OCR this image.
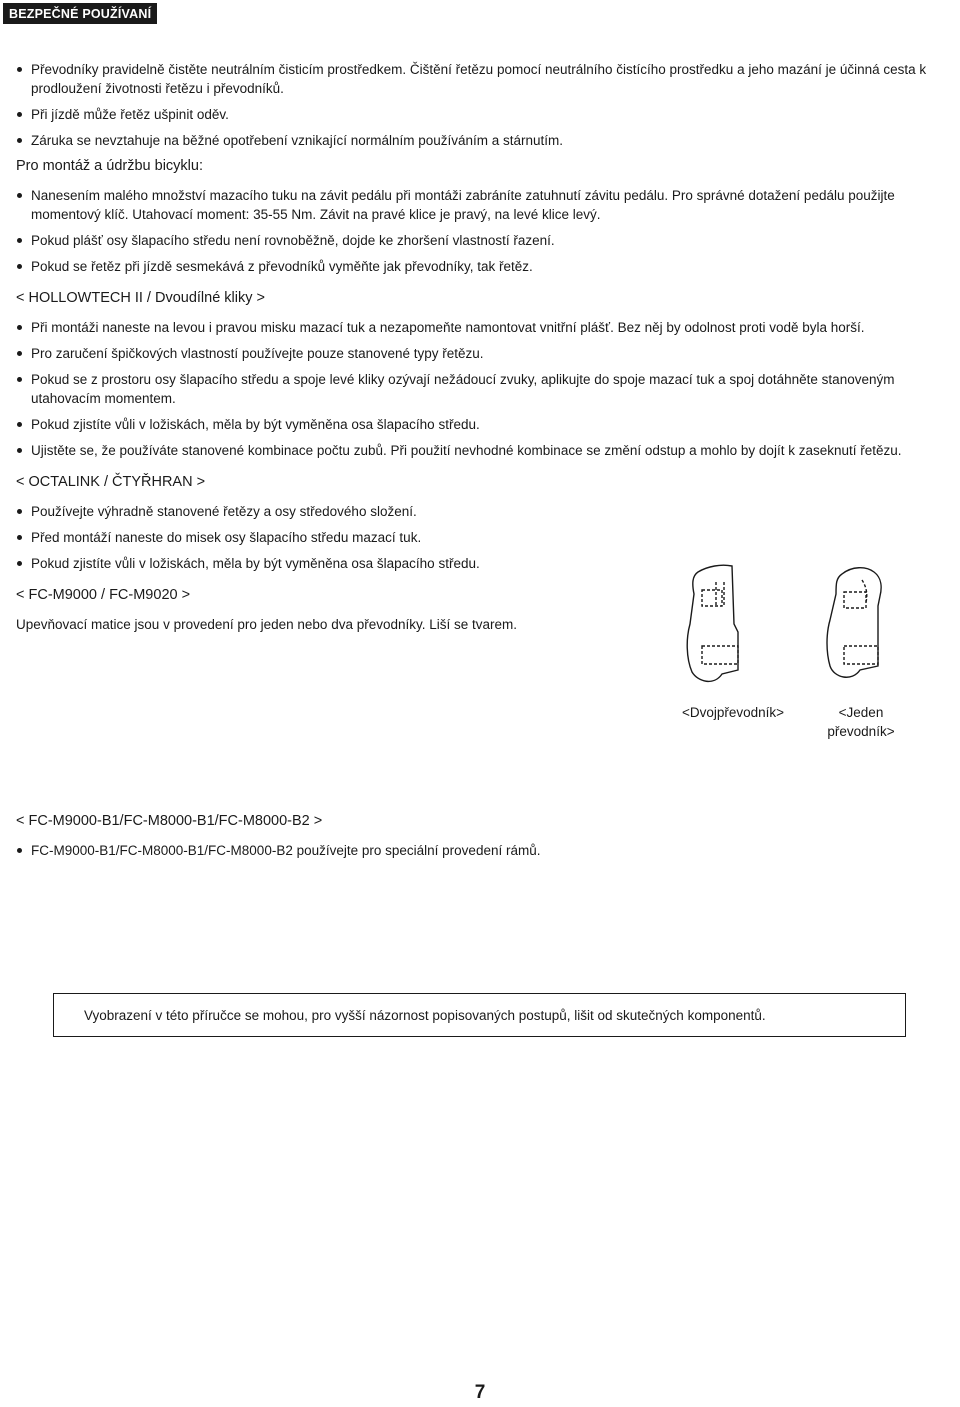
BEZPEČNÉ POUŽÍVANÍ
Převodníky pravidelně čistěte neutrálním čisticím prostředkem. Čištění řetězu pomocí neutrálního čistícího prostředku a jeho mazání je účinná cesta k prodloužení životnosti řetězu i převodníků.
Při jízdě může řetěz ušpinit oděv.
Záruka se nevztahuje na běžné opotřebení vznikající normálním používáním a stárnutím.

Pro montáž a údržbu bicyklu:

Nanesením malého množství mazacího tuku na závit pedálu při montáži zabráníte zatuhnutí závitu pedálu. Pro správné dotažení pedálu použijte momentový klíč. Utahovací moment: 35-55 Nm. Závit na pravé klice je pravý, na levé klice levý.
Pokud plášť osy šlapacího středu není rovnoběžně, dojde ke zhoršení vlastností řazení.
Pokud se řetěz při jízdě sesmekává z převodníků vyměňte jak převodníky, tak řetěz.

< HOLLOWTECH II / Dvoudílné kliky >

Při montáži naneste na levou i pravou misku mazací tuk a nezapomeňte namontovat vnitřní plášť. Bez něj by odolnost proti vodě byla horší.
Pro zaručení špičkových vlastností používejte pouze stanovené typy řetězu.
Pokud se z prostoru osy šlapacího středu a spoje levé kliky ozývají nežádoucí zvuky, aplikujte do spoje mazací tuk a spoj dotáhněte stanoveným utahovacím momentem.
Pokud zjistíte vůli v ložiskách, měla by být vyměněna osa šlapacího středu.
Ujistěte se, že používáte stanovené kombinace počtu zubů. Při použití nevhodné kombinace se změní odstup a mohlo by dojít k zaseknutí řetězu.

< OCTALINK / ČTYŘHRAN >

Používejte výhradně stanovené řetězy a osy středového složení.
Před montáží naneste do misek osy šlapacího středu mazací tuk.
Pokud zjistíte vůli v ložiskách, měla by být vyměněna osa šlapacího středu.

< FC-M9000 / FC-M9020 >

Upevňovací matice jsou v provedení pro jeden nebo dva převodníky. Liší se tvarem.

<Dvojpřevodník>	<Jeden
převodník>

< FC-M9000-B1/FC-M8000-B1/FC-M8000-B2 >

FC-M9000-B1/FC-M8000-B1/FC-M8000-B2 používejte pro speciální provedení rámů.
Vyobrazení v této příručce se mohou, pro vyšší názornost popisovaných postupů, lišit od skutečných komponentů.
7
